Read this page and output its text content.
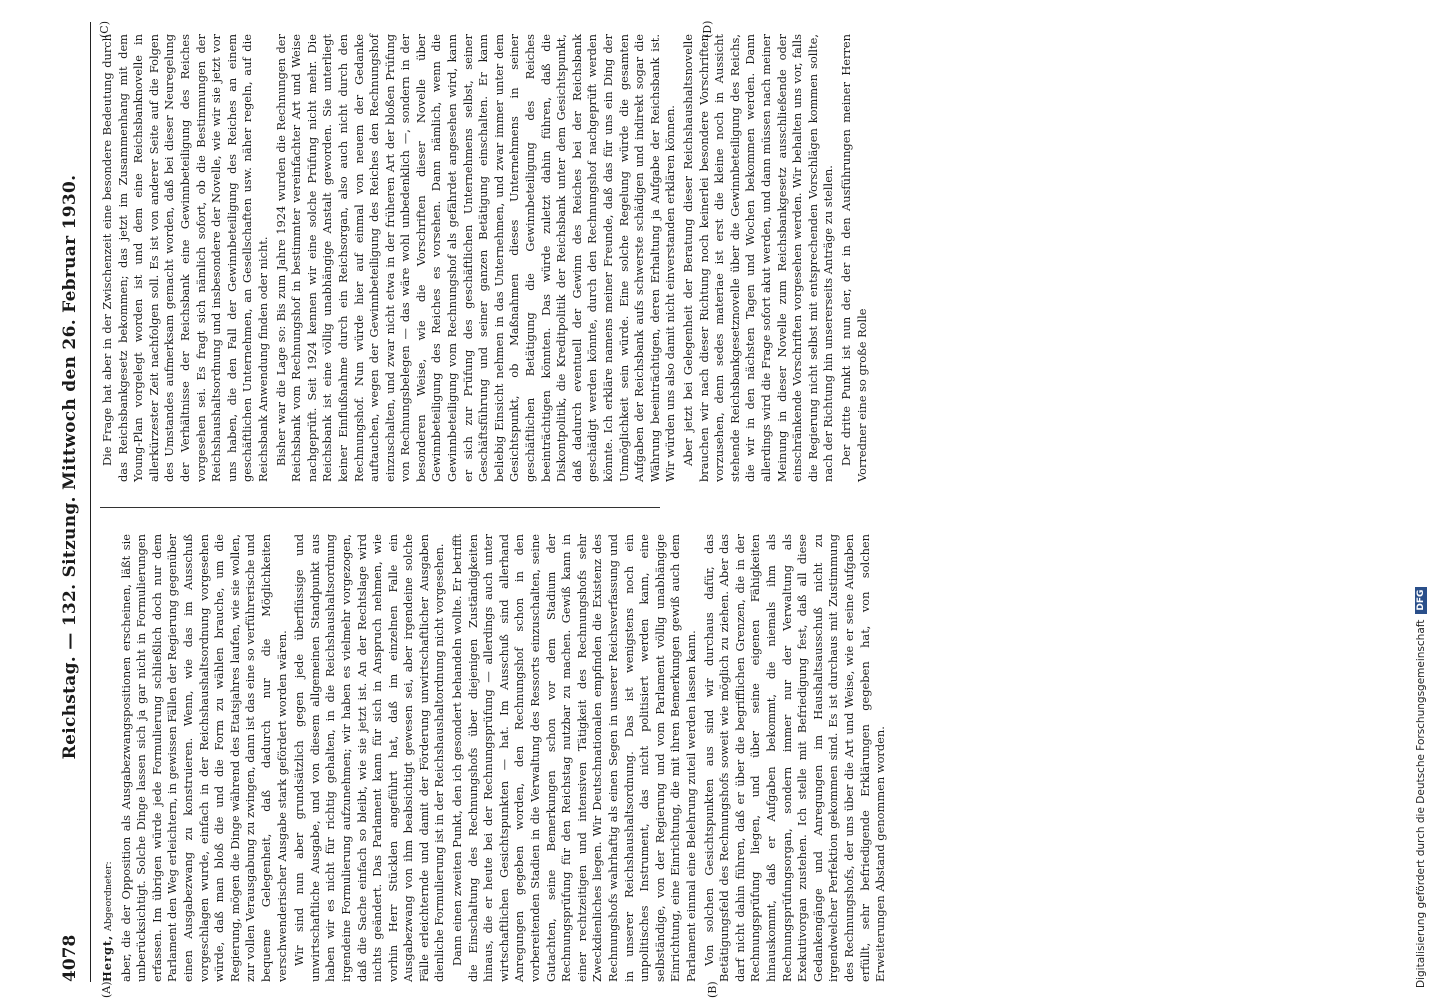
4078
Reichstag. — 132. Sitzung. Mittwoch den 26. Februar 1930.
(A)	(B)
(C)	(D)

Hergt, Abgeordneter: aber, die der Opposition als Ausgabezwangspositionen erscheinen, läßt sie unberücksichtigt. Solche Dinge lassen sich ja gar nicht in Formulierungen erfassen. Im übrigen würde jede Formulierung schließlich doch nur dem Parlament den Weg erleichtern, in gewissen Fällen der Regierung gegenüber einen Ausgabezwang zu konstruieren. Wenn, wie das im Ausschuß vorgeschlagen wurde, einfach in der Reichshaushaltsordnung vorgesehen würde, daß man bloß die und die Form zu wählen brauche, um die Regierung, mögen die Dinge während des Etatsjahres laufen, wie sie wollen, zur vollen Verausgabung zu zwingen, dann ist das eine so verführerische und bequeme Gelegenheit, daß dadurch nur die Möglichkeiten verschwenderischer Ausgabe stark gefördert worden wären. Wir sind nun aber grundsätzlich gegen jede überflüssige und unwirtschaftliche Ausgabe, und von diesem allgemeinen Standpunkt aus haben wir es nicht für richtig gehalten, in die Reichshaushaltsordnung irgendeine Formulierung aufzunehmen; wir haben es vielmehr vorgezogen, daß die Sache einfach so bleibt, wie sie jetzt ist. An der Rechtslage wird nichts geändert. Das Parlament kann für sich in Anspruch nehmen, wie vorhin Herr Stücklen angeführt hat, daß im einzelnen Falle ein Ausgabezwang von ihm beabsichtigt gewesen sei, aber irgendeine solche Fälle erleichternde und damit der Förderung unwirtschaftlicher Ausgaben dienliche Formulierung ist in der Reichshaushaltordnung nicht vorgesehen. Dann einen zweiten Punkt, den ich gesondert behandeln wollte. Er betrifft die Einschaltung des Rechnungshofs über diejenigen Zuständigkeiten hinaus, die er heute bei der Rechnungsprüfung — allerdings auch unter wirtschaftlichen Gesichtspunkten — hat. Im Ausschuß sind allerhand Anregungen gegeben worden, den Rechnungshof schon in den vorbereitenden Stadien in die Verwaltung des Ressorts einzuschalten, seine Gutachten, seine Bemerkungen schon vor dem Stadium der Rechnungsprüfung für den Reichstag nutzbar zu machen. Gewiß kann in einer rechtzeitigen und intensiven Tätigkeit des Rechnungshofs sehr Zweckdienliches liegen. Wir Deutschnationalen empfinden die Existenz des Rechnungshofs wahrhaftig als einen Segen in unserer Reichsverfassung und in unserer Reichshaushaltsordnung. Das ist wenigstens noch ein unpolitisches Instrument, das nicht politisiert werden kann, eine selbständige, von der Regierung und vom Parlament völlig unabhängige Einrichtung, eine Einrichtung, die mit ihren Bemerkungen gewiß auch dem Parlament einmal eine Belehrung zuteil werden lassen kann. Von solchen Gesichtspunkten aus sind wir durchaus dafür, das Betätigungsfeld des Rechnungshofs soweit wie möglich zu ziehen. Aber das darf nicht dahin führen, daß er über die begrifflichen Grenzen, die in der Rechnungsprüfung liegen, und über seine eigenen Fähigkeiten hinauskommt, daß er Aufgaben bekommt, die niemals ihm als Rechnungsprüfungsorgan, sondern immer nur der Verwaltung als Exekutivorgan zustehen. Ich stelle mit Befriedigung fest, daß all diese Gedankengänge und Anregungen im Haushaltsausschuß nicht zu irgendwelcher Perfektion gekommen sind. Es ist durchaus mit Zustimmung des Rechnungshofs, der uns über die Art und Weise, wie er seine Aufgaben erfüllt, sehr befriedigende Erklärungen gegeben hat, von solchen Erweiterungen Abstand genommen worden.

Die Frage hat aber in der Zwischenzeit eine besondere Bedeutung durch das Reichsbankgesetz bekommen; das jetzt im Zusammenhang mit dem Young-Plan vorgelegt worden ist und dem eine Reichsbanknovelle in allerkürzester Zeit nachfolgen soll. Es ist von anderer Seite auf die Folgen des Umstandes aufmerksam gemacht worden, daß bei dieser Neuregelung der Verhältnisse der Reichsbank eine Gewinnbeteiligung des Reiches vorgesehen sei. Es fragt sich nämlich sofort, ob die Bestimmungen der Reichshaushaltsordnung und insbesondere der Novelle, wie wir sie jetzt vor uns haben, die den Fall der Gewinnbeteiligung des Reiches an einem geschäftlichen Unternehmen, an Gesellschaften usw. näher regeln, auf die Reichsbank Anwendung finden oder nicht. Bisher war die Lage so: Bis zum Jahre 1924 wurden die Rechnungen der Reichsbank vom Rechnungshof in bestimmter vereinfachter Art und Weise nachgeprüft. Seit 1924 kennen wir eine solche Prüfung nicht mehr. Die Reichsbank ist eine völlig unabhängige Anstalt geworden. Sie unterliegt keiner Einflußnahme durch ein Reichsorgan, also auch nicht durch den Rechnungshof. Nun würde hier auf einmal von neuem der Gedanke auftauchen, wegen der Gewinnbeteiligung des Reiches den Rechnungshof einzuschalten, und zwar nicht etwa in der früheren Art der bloßen Prüfung von Rechnungsbelegen — das wäre wohl unbedenklich —, sondern in der besonderen Weise, wie die Vorschriften dieser Novelle über Gewinnbeteiligung des Reiches es vorsehen. Dann nämlich, wenn die Gewinnbeteiligung vom Rechnungshof als gefährdet angesehen wird, kann er sich zur Prüfung des geschäftlichen Unternehmens selbst, seiner Geschäftsführung und seiner ganzen Betätigung einschalten. Er kann beliebig Einsicht nehmen in das Unternehmen, und zwar immer unter dem Gesichtspunkt, ob Maßnahmen dieses Unternehmens in seiner geschäftlichen Betätigung die Gewinnbeteiligung des Reiches beeinträchtigen könnten. Das würde zuletzt dahin führen, daß die Diskontpolitik, die Kreditpolitik der Reichsbank unter dem Gesichtspunkt, daß dadurch eventuell der Gewinn des Reiches bei der Reichsbank geschädigt werden könnte, durch den Rechnungshof nachgeprüft werden könnte. Ich erkläre namens meiner Freunde, daß das für uns ein Ding der Unmöglichkeit sein würde. Eine solche Regelung würde die gesamten Aufgaben der Reichsbank aufs schwerste schädigen und indirekt sogar die Währung beeinträchtigen, deren Erhaltung ja Aufgabe der Reichsbank ist. Wir würden uns also damit nicht einverstanden erklären können. Aber jetzt bei Gelegenheit der Beratung dieser Reichshaushaltsnovelle brauchen wir nach dieser Richtung noch keinerlei besondere Vorschriften vorzusehen, denn sedes materiae ist erst die kleine noch in Aussicht stehende Reichsbankgesetznovelle über die Gewinnbeteiligung des Reichs, die wir in den nächsten Tagen und Wochen bekommen werden. Dann allerdings wird die Frage sofort akut werden, und dann müssen nach meiner Meinung in dieser Novelle zum Reichsbankgesetz ausschließende oder einschränkende Vorschriften vorgesehen werden. Wir behalten uns vor, falls die Regierung nicht selbst mit entsprechenden Vorschlägen kommen sollte, nach der Richtung hin unsererseits Anträge zu stellen. Der dritte Punkt ist nun der, der in den Ausführungen meiner Herren Vorredner eine so große Rolle

Digitalisierung gefördert durch die Deutsche Forschungsgemeinschaft
DFG
